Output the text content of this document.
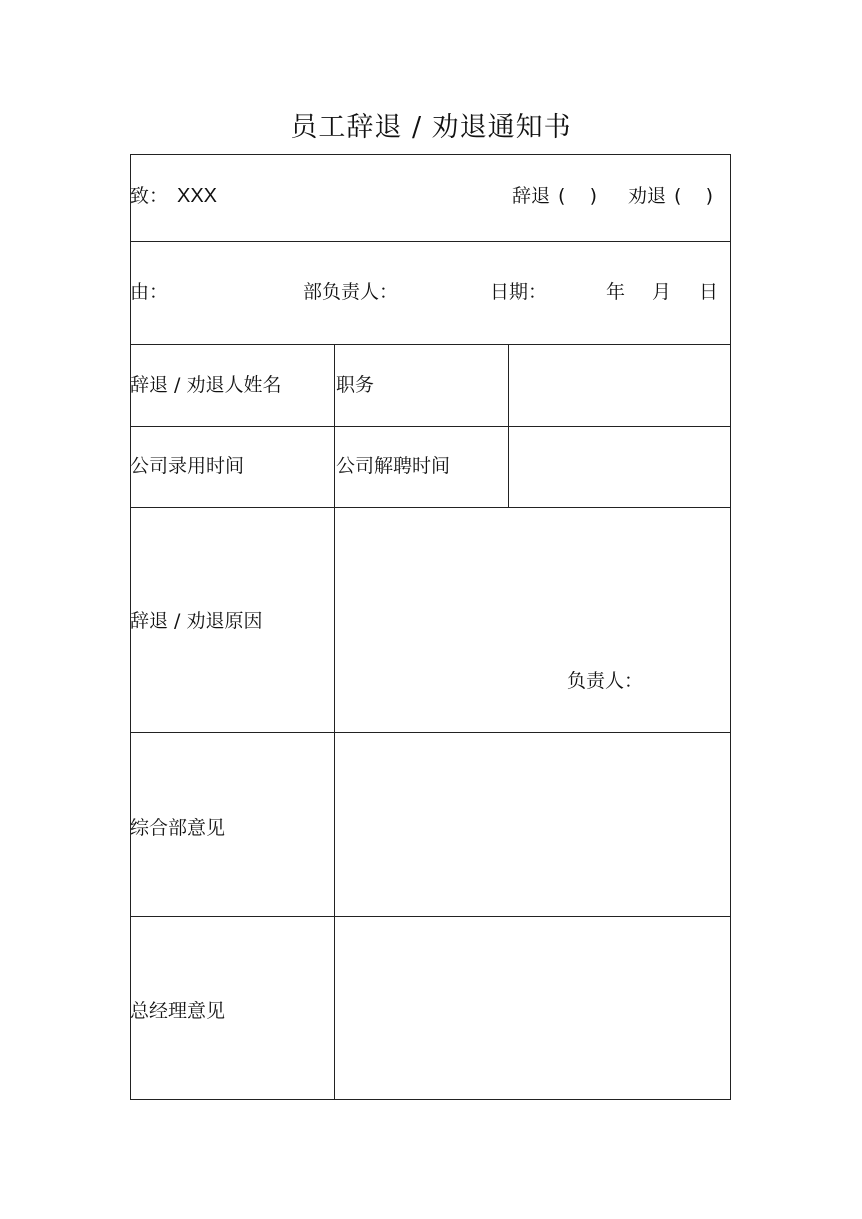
员工辞退 / 劝退通知书
致： XXX	辞退 (    ) 劝退 (    )
由：	部负责人：	日期：	年 月 日
辞退 / 劝退人姓名	职务
公司录用时间	公司解聘时间
辞退 / 劝退原因
负责人：
综合部意见
总经理意见
